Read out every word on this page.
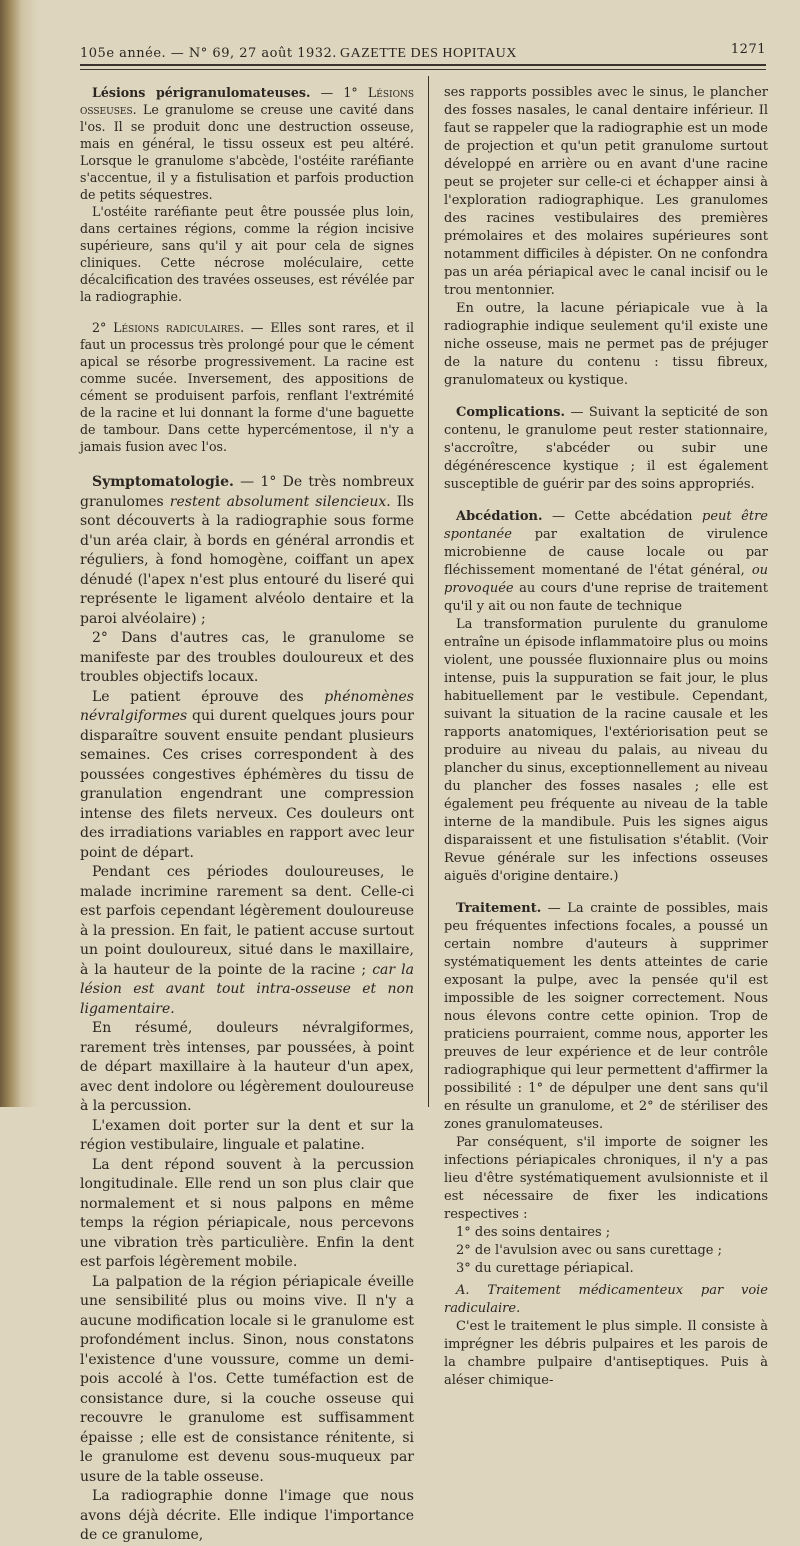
105e année. — N° 69, 27 août 1932. GAZETTE DES HOPITAUX	1271

Lésions périgranulomateuses. — 1° Lésions osseuses. Le granulome se creuse une cavité dans l'os. Il se produit donc une destruction osseuse, mais en général, le tissu osseux est peu altéré. Lorsque le granulome s'abcède, l'ostéite raréfiante s'accentue, il y a fistulisation et parfois production de petits séquestres.

L'ostéite raréfiante peut être poussée plus loin, dans certaines régions, comme la région incisive supérieure, sans qu'il y ait pour cela de signes cliniques. Cette nécrose moléculaire, cette décalcification des travées osseuses, est révélée par la radiographie.

2° Lésions radiculaires. — Elles sont rares, et il faut un processus très prolongé pour que le cément apical se résorbe progressivement. La racine est comme sucée. Inversement, des appositions de cément se produisent parfois, renflant l'extrémité de la racine et lui donnant la forme d'une baguette de tambour. Dans cette hypercémentose, il n'y a jamais fusion avec l'os.

Symptomatologie. — 1° De très nombreux granulomes restent absolument silencieux. Ils sont découverts à la radiographie sous forme d'un aréa clair, à bords en général arrondis et réguliers, à fond homogène, coiffant un apex dénudé (l'apex n'est plus entouré du liseré qui représente le ligament alvéolo dentaire et la paroi alvéolaire) ;

2° Dans d'autres cas, le granulome se manifeste par des troubles douloureux et des troubles objectifs locaux.

Le patient éprouve des phénomènes névralgiformes qui durent quelques jours pour disparaître souvent ensuite pendant plusieurs semaines. Ces crises correspondent à des poussées congestives éphémères du tissu de granulation engendrant une compression intense des filets nerveux. Ces douleurs ont des irradiations variables en rapport avec leur point de départ.

Pendant ces périodes douloureuses, le malade incrimine rarement sa dent. Celle-ci est parfois cependant légèrement douloureuse à la pression. En fait, le patient accuse surtout un point douloureux, situé dans le maxillaire, à la hauteur de la pointe de la racine ; car la lésion est avant tout intra-osseuse et non ligamentaire.

En résumé, douleurs névralgiformes, rarement très intenses, par poussées, à point de départ maxillaire à la hauteur d'un apex, avec dent indolore ou légèrement douloureuse à la percussion.

L'examen doit porter sur la dent et sur la région vestibulaire, linguale et palatine.

La dent répond souvent à la percussion longitudinale. Elle rend un son plus clair que normalement et si nous palpons en même temps la région périapicale, nous percevons une vibration très particulière. Enfin la dent est parfois légèrement mobile.

La palpation de la région périapicale éveille une sensibilité plus ou moins vive. Il n'y a aucune modification locale si le granulome est profondément inclus. Sinon, nous constatons l'existence d'une voussure, comme un demi-pois accolé à l'os. Cette tuméfaction est de consistance dure, si la couche osseuse qui recouvre le granulome est suffisamment épaisse ; elle est de consistance rénitente, si le granulome est devenu sous-muqueux par usure de la table osseuse.

La radiographie donne l'image que nous avons déjà décrite. Elle indique l'importance de ce granulome,

ses rapports possibles avec le sinus, le plancher des fosses nasales, le canal dentaire inférieur. Il faut se rappeler que la radiographie est un mode de projection et qu'un petit granulome surtout développé en arrière ou en avant d'une racine peut se projeter sur celle-ci et échapper ainsi à l'exploration radiographique. Les granulomes des racines vestibulaires des premières prémolaires et des molaires supérieures sont notamment difficiles à dépister. On ne confondra pas un aréa périapical avec le canal incisif ou le trou mentonnier.

En outre, la lacune périapicale vue à la radiographie indique seulement qu'il existe une niche osseuse, mais ne permet pas de préjuger de la nature du contenu : tissu fibreux, granulomateux ou kystique.

Complications. — Suivant la septicité de son contenu, le granulome peut rester stationnaire, s'accroître, s'abcéder ou subir une dégénérescence kystique ; il est également susceptible de guérir par des soins appropriés.

Abcédation. — Cette abcédation peut être spontanée par exaltation de virulence microbienne de cause locale ou par fléchissement momentané de l'état général, ou provoquée au cours d'une reprise de traitement qu'il y ait ou non faute de technique

La transformation purulente du granulome entraîne un épisode inflammatoire plus ou moins violent, une poussée fluxionnaire plus ou moins intense, puis la suppuration se fait jour, le plus habituellement par le vestibule. Cependant, suivant la situation de la racine causale et les rapports anatomiques, l'extériorisation peut se produire au niveau du palais, au niveau du plancher du sinus, exceptionnellement au niveau du plancher des fosses nasales ; elle est également peu fréquente au niveau de la table interne de la mandibule. Puis les signes aigus disparaissent et une fistulisation s'établit. (Voir Revue générale sur les infections osseuses aiguës d'origine dentaire.)

Traitement. — La crainte de possibles, mais peu fréquentes infections focales, a poussé un certain nombre d'auteurs à supprimer systématiquement les dents atteintes de carie exposant la pulpe, avec la pensée qu'il est impossible de les soigner correctement. Nous nous élevons contre cette opinion. Trop de praticiens pourraient, comme nous, apporter les preuves de leur expérience et de leur contrôle radiographique qui leur permettent d'affirmer la possibilité : 1° de dépulper une dent sans qu'il en résulte un granulome, et 2° de stériliser des zones granulomateuses.

Par conséquent, s'il importe de soigner les infections périapicales chroniques, il n'y a pas lieu d'être systématiquement avulsionniste et il est nécessaire de fixer les indications respectives :

1° des soins dentaires ;

2° de l'avulsion avec ou sans curettage ;

3° du curettage périapical.

A. Traitement médicamenteux par voie radiculaire.

C'est le traitement le plus simple. Il consiste à imprégner les débris pulpaires et les parois de la chambre pulpaire d'antiseptiques. Puis à aléser chimique-
